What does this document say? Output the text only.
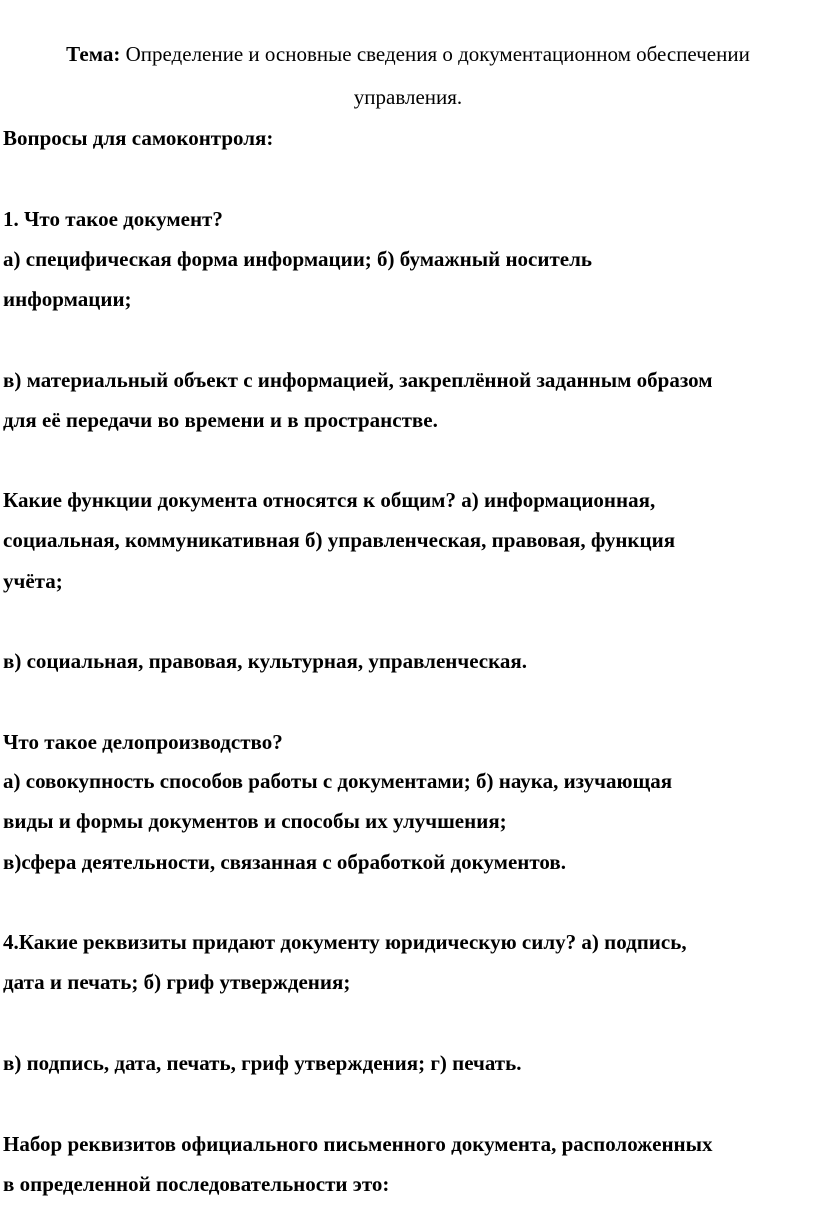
Тема: Определение и основные сведения о документационном обеспечении
управления.

Вопросы для самоконтроля:

1. Что такое документ?

а) специфическая форма информации; б) бумажный носитель

информации;

в) материальный объект с информацией, закреплённой заданным образом

для её передачи во времени и в пространстве.

Какие функции документа относятся к общим? а) информационная,

социальная, коммуникативная б) управленческая, правовая, функция

учёта;

в) социальная, правовая, культурная, управленческая.

Что такое делопроизводство?

а) совокупность способов работы с документами; б) наука, изучающая

виды и формы документов и способы их улучшения;

в)сфера деятельности, связанная с обработкой документов.

4.Какие реквизиты придают документу юридическую силу? а) подпись,

дата и печать; б) гриф утверждения;

в) подпись, дата, печать, гриф утверждения; г) печать.

Набор реквизитов официального письменного документа, расположенных

в определенной последовательности это:
